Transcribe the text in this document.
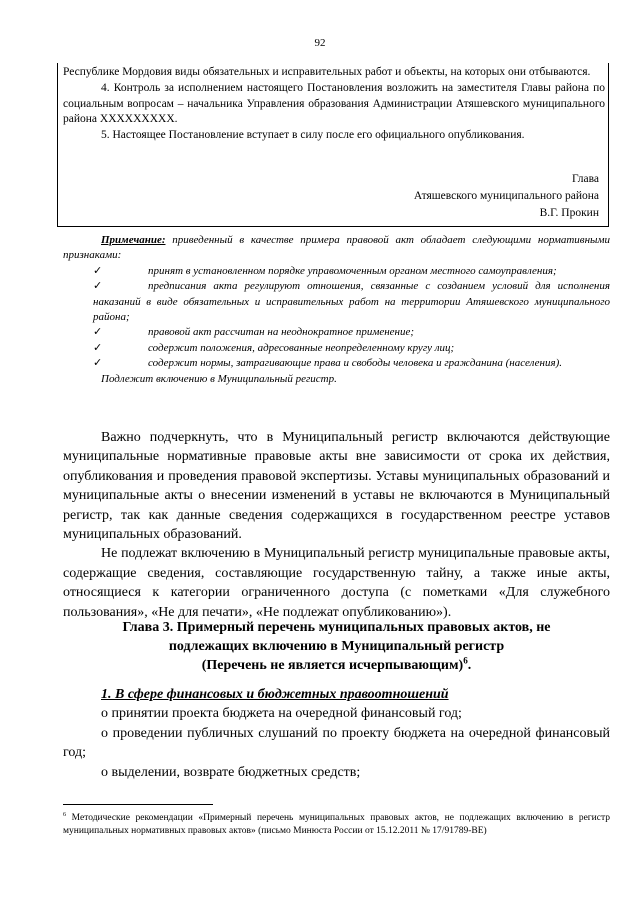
92

Республике Мордовия виды обязательных и исправительных работ и объекты, на которых они отбываются.

4. Контроль за исполнением настоящего Постановления возложить на заместителя Главы района по социальным вопросам – начальника Управления образования Администрации Атяшевского муниципального района ХХХХХХХХХ.

5. Настоящее Постановление вступает в силу после его официального опубликования.

Глава
Атяшевского муниципального района
В.Г. Прокин

Примечание: приведенный в качестве примера правовой акт обладает следующими нормативными признаками:

✓	принят в установленном порядке управомоченным органом местного самоуправления;

✓	предписания акта регулируют отношения, связанные с созданием условий для исполнения наказаний в виде обязательных и исправительных работ на территории Атяшевского муниципального района;

✓	правовой акт рассчитан на неоднократное применение;

✓	содержит положения, адресованные неопределенному кругу лиц;

✓	содержит нормы, затрагивающие права и свободы человека и гражданина (населения).

Подлежит включению в Муниципальный регистр.

Важно подчеркнуть, что в Муниципальный регистр включаются действующие муниципальные нормативные правовые акты вне зависимости от срока их действия, опубликования и проведения правовой экспертизы. Уставы муниципальных образований и муниципальные акты о внесении изменений в уставы не включаются в Муниципальный регистр, так как данные сведения содержащихся в государственном реестре уставов муниципальных образований.

Не подлежат включению в Муниципальный регистр муниципальные правовые акты, содержащие сведения, составляющие государственную тайну, а также иные акты, относящиеся к категории ограниченного доступа (с пометками «Для служебного пользования», «Не для печати», «Не подлежат опубликованию»).

Глава 3. Примерный перечень муниципальных правовых актов, не
подлежащих включению в Муниципальный регистр
(Перечень не является исчерпывающим)$^6$.

1. В сфере финансовых и бюджетных правоотношений

о принятии проекта бюджета на очередной финансовый год;

о проведении публичных слушаний по проекту бюджета на очередной финансовый год;

о выделении, возврате бюджетных средств;

$^6$ Методические рекомендации «Примерный перечень муниципальных правовых актов, не подлежащих включению в регистр муниципальных нормативных правовых актов» (письмо Минюста России от 15.12.2011 № 17/91789-ВЕ)
